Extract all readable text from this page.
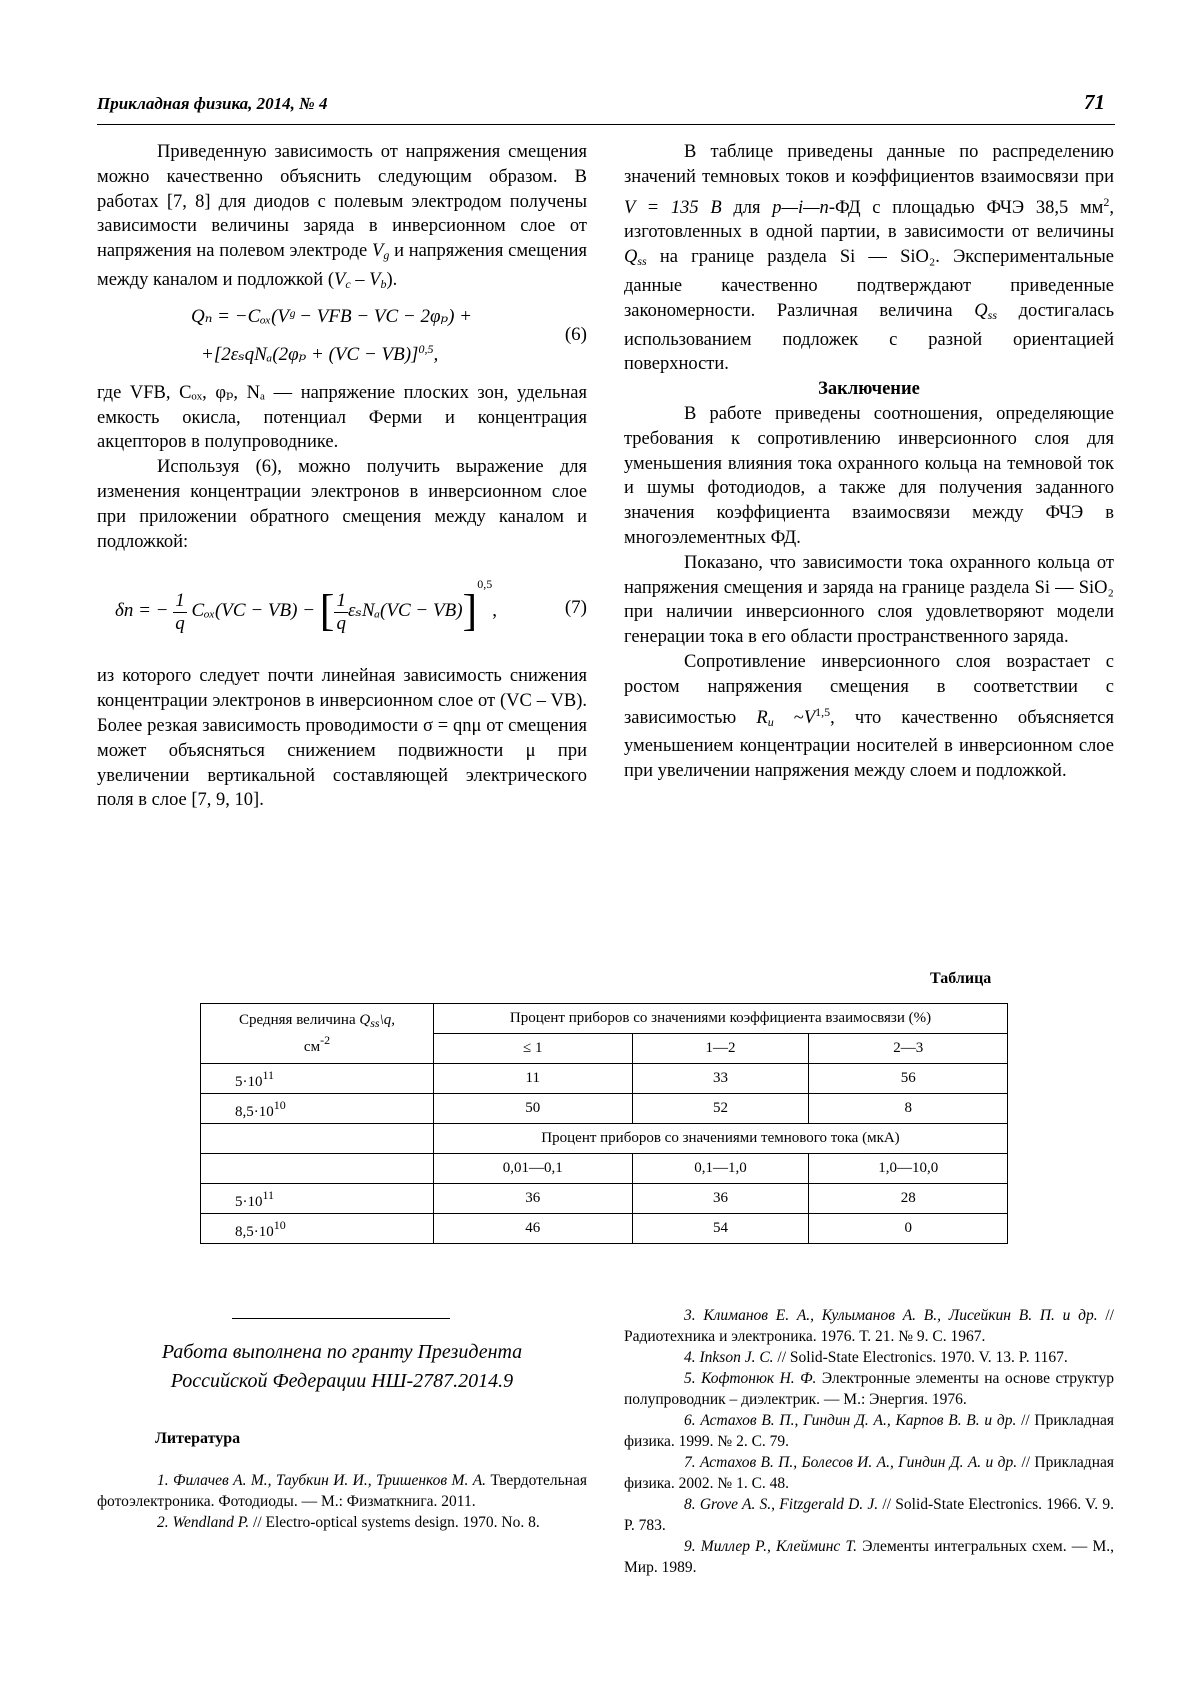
Прикладная физика, 2014, № 4	71

Приведенную зависимость от напряжения смещения можно качественно объяснить следующим образом. В работах [7, 8] для диодов с полевым электродом получены зависимости величины заряда в инверсионном слое от напряжения на полевом электроде $V_g$ и напряжения смещения между каналом и подложкой $(V_c - V_b)$.

Qₙ = −Cₒₓ(Vᵍ − VFB − VC − 2φₚ) +
$+[2\varepsilon_sqN_a(2\varphi_p + (VC - VB)]^{0,5}$,
(6)

где VFB, Cₒₓ, φₚ, Nₐ — напряжение плоских зон, удельная емкость окисла, потенциал Ферми и концентрация акцепторов в полупроводнике.

Используя (6), можно получить выражение для изменения концентрации электронов в инверсионном слое при приложении обратного смещения между каналом и подложкой:

δn = − $\frac{1}{q} C_{ox}(VC - VB)$ − [ $\frac{1}{q} \varepsilon_sN_a(VC - VB)]^{0,5}$,	(7)

из которого следует почти линейная зависимость снижения концентрации электронов в инверсионном слое от (VC – VB). Более резкая зависимость проводимости σ = qnμ от смещения может объясняться снижением подвижности μ при увеличении вертикальной составляющей электрического поля в слое [7, 9, 10].

В таблице приведены данные по распределению значений темновых токов и коэффициентов взаимосвязи при V = 135 В для p—i—n-ФД с площадью ФЧЭ 38,5 $мм^2$, изготовленных в одной партии, в зависимости от величины $Q_{ss}$ на границе раздела Si — SiO₂. Экспериментальные данные качественно подтверждают приведенные закономерности. Различная величина $Q_{ss}$ достигалась использованием подложек с разной ориентацией поверхности.

Заключение

В работе приведены соотношения, определяющие требования к сопротивлению инверсионного слоя для уменьшения влияния тока охранного кольца на темновой ток и шумы фотодиодов, а также для получения заданного значения коэффициента взаимосвязи между ФЧЭ в многоэлементных ФД.

Показано, что зависимости тока охранного кольца от напряжения смещения и заряда на границе раздела Si — SiO₂ при наличии инверсионного слоя удовлетворяют модели генерации тока в его области пространственного заряда.

Сопротивление инверсионного слоя возрастает с ростом напряжения смещения в соответствии с зависимостью $R_u$ $\sim V^{1,5}$, что качественно объясняется уменьшением концентрации носителей в инверсионном слое при увеличении напряжения между слоем и подложкой.

Таблица
Средняя величина $Q_{ss}\backslash q$,
$см^{-2}$	Процент приборов со значениями коэффициента взаимосвязи (%)		
	≤ 1	1—2	2—3
$5\cdot 10^{11}$	11	33	56
$8,5\cdot 10^{10}$	50	52	8
	Процент приборов со значениями темнового тока (мкА)		
	0,01—0,1	0,1—1,0	1,0—10,0
$5\cdot 10^{11}$	36	36	28
$8,5\cdot 10^{10}$	46	54	0
Работа выполнена по гранту Президента
Российской Федерации НШ-2787.2014.9
Литература

1. Филачев А. М., Таубкин И. И., Тришенков М. А. Твердотельная фотоэлектроника. Фотодиоды. — М.: Физматкнига. 2011.

2. Wendland P. // Electro-optical systems design. 1970. No. 8.

3. Климанов Е. А., Кулыманов А. В., Лисейкин В. П. и др. // Радиотехника и электроника. 1976. Т. 21. № 9. С. 1967.

4. Inkson J. C. // Solid-State Electronics. 1970. V. 13. P. 1167.

5. Кофтонюк Н. Ф. Электронные элементы на основе структур полупроводник – диэлектрик. — М.: Энергия. 1976.

6. Астахов В. П., Гиндин Д. А., Карпов В. В. и др. // Прикладная физика. 1999. № 2. С. 79.

7. Астахов В. П., Болесов И. А., Гиндин Д. А. и др. // Прикладная физика. 2002. № 1. С. 48.

8. Grove A. S., Fitzgerald D. J. // Solid-State Electronics. 1966. V. 9. P. 783.

9. Миллер Р., Клейминс Т. Элементы интегральных схем. — М., Мир. 1989.
